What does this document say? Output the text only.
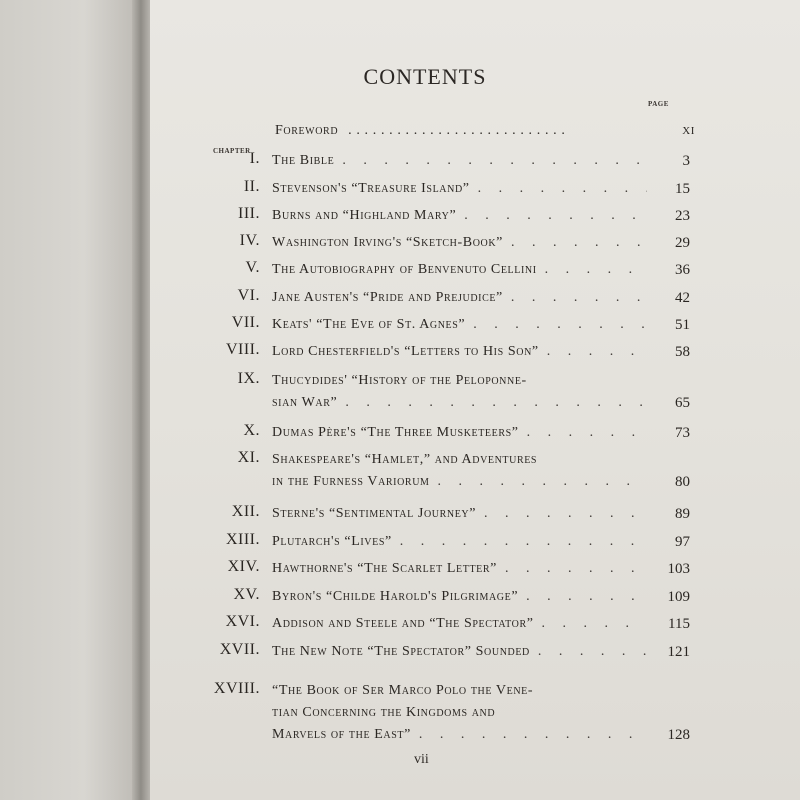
CONTENTS
PAGE
CHAPTER
Foreword . . .	xi
I. The Bible . . .	3
II. Stevenson's “Treasure Island” . . .	15
III. Burns and “Highland Mary” . . .	23
IV. Washington Irving's “Sketch-Book” . . .	29
V. The Autobiography of Benvenuto Cellini . . .	36
VI. Jane Austen's “Pride and Prejudice” . . .	42
VII. Keats' “The Eve of St. Agnes” . . .	51
VIII. Lord Chesterfield's “Letters to His Son” . . .	58
IX. Thucydides' “History of the Peloponne-
sian War” . . .	65
X. Dumas Père's “The Three Musketeers” . . .	73
XI. Shakespeare's “Hamlet,” and Adventures
in the Furness Variorum . . .	80
XII. Sterne's “Sentimental Journey” . . .	89
XIII. Plutarch's “Lives” . . .	97
XIV. Hawthorne's “The Scarlet Letter” . . .	103
XV. Byron's “Childe Harold's Pilgrimage” . . .	109
XVI. Addison and Steele and “The Spectator” . . .	115
XVII. The New Note “The Spectator” Sounded . . .	121
XVIII. “The Book of Ser Marco Polo the Vene-
tian Concerning the Kingdoms and
Marvels of the East” . . .	128
vii
